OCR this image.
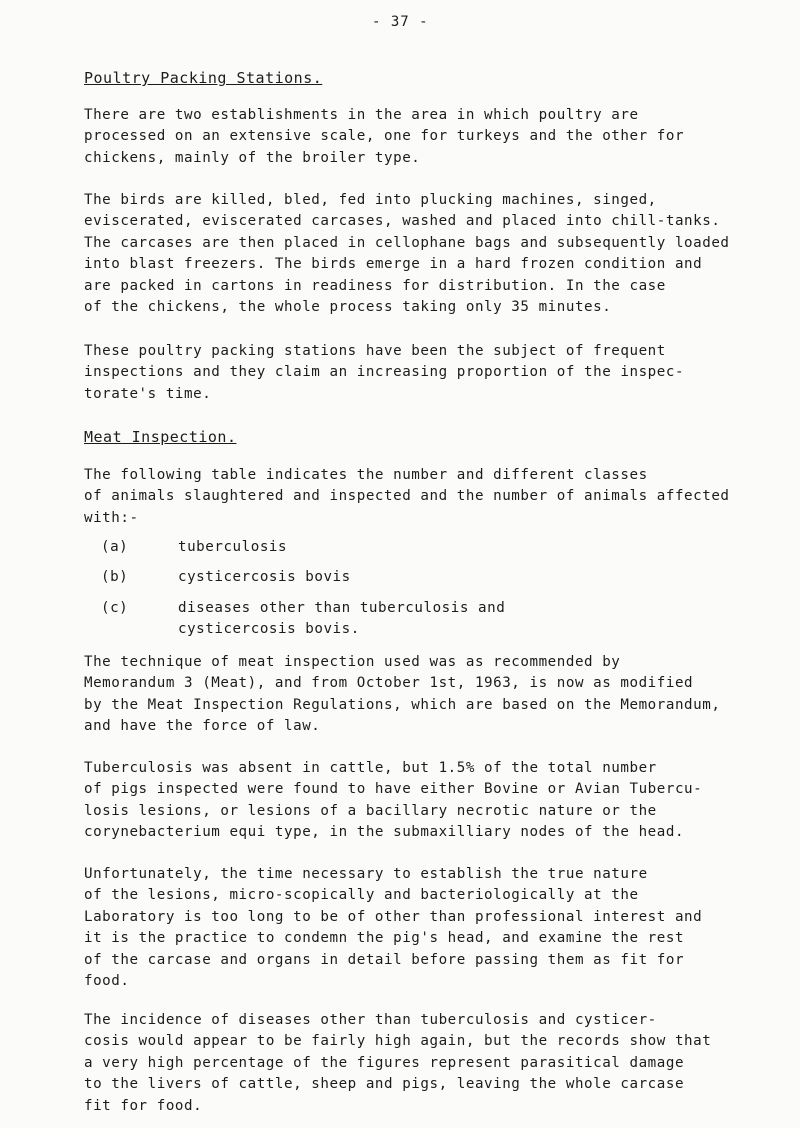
- 37 -
Poultry Packing Stations.
There are two establishments in the area in which poultry are
processed on an extensive scale, one for turkeys and the other for
chickens, mainly of the broiler type.
The birds are killed, bled, fed into plucking machines, singed,
eviscerated, eviscerated carcases, washed and placed into chill-tanks.
The carcases are then placed in cellophane bags and subsequently loaded
into blast freezers. The birds emerge in a hard frozen condition and
are packed in cartons in readiness for distribution. In the case
of the chickens, the whole process taking only 35 minutes.
These poultry packing stations have been the subject of frequent
inspections and they claim an increasing proportion of the inspec-
torate's time.
Meat Inspection.
The following table indicates the number and different classes
of animals slaughtered and inspected and the number of animals affected
with:-
(a)	tuberculosis
(b)	cysticercosis bovis
(c)	diseases other than tuberculosis and
cysticercosis bovis.
The technique of meat inspection used was as recommended by
Memorandum 3 (Meat), and from October 1st, 1963, is now as modified
by the Meat Inspection Regulations, which are based on the Memorandum,
and have the force of law.
Tuberculosis was absent in cattle, but 1.5% of the total number
of pigs inspected were found to have either Bovine or Avian Tubercu-
losis lesions, or lesions of a bacillary necrotic nature or the
corynebacterium equi type, in the submaxilliary nodes of the head.
Unfortunately, the time necessary to establish the true nature
of the lesions, micro-scopically and bacteriologically at the
Laboratory is too long to be of other than professional interest and
it is the practice to condemn the pig's head, and examine the rest
of the carcase and organs in detail before passing them as fit for
food.
The incidence of diseases other than tuberculosis and cysticer-
cosis would appear to be fairly high again, but the records show that
a very high percentage of the figures represent parasitical damage
to the livers of cattle, sheep and pigs, leaving the whole carcase
fit for food.
